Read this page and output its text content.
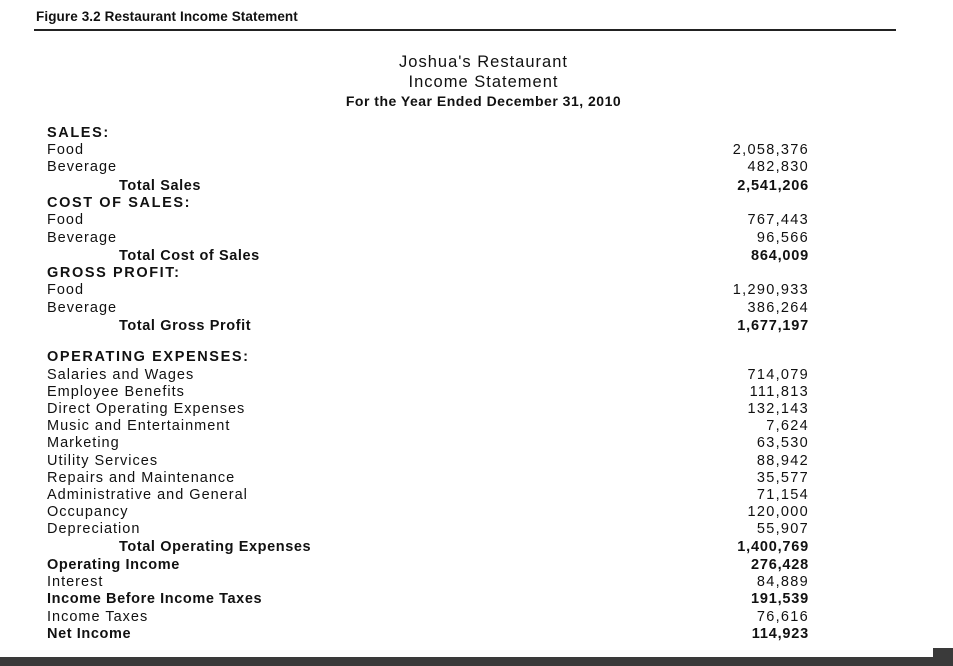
Figure 3.2 Restaurant Income Statement
Joshua's Restaurant
Income Statement
For the Year Ended December 31, 2010
SALES:
Food	2,058,376
Beverage	482,830
Total Sales	2,541,206
COST OF SALES:
Food	767,443
Beverage	96,566
Total Cost of Sales	864,009
GROSS PROFIT:
Food	1,290,933
Beverage	386,264
Total Gross Profit	1,677,197
OPERATING EXPENSES:
Salaries and Wages	714,079
Employee Benefits	111,813
Direct Operating Expenses	132,143
Music and Entertainment	7,624
Marketing	63,530
Utility Services	88,942
Repairs and Maintenance	35,577
Administrative and General	71,154
Occupancy	120,000
Depreciation	55,907
Total Operating Expenses	1,400,769
Operating Income	276,428
Interest	84,889
Income Before Income Taxes	191,539
Income Taxes	76,616
Net Income	114,923
